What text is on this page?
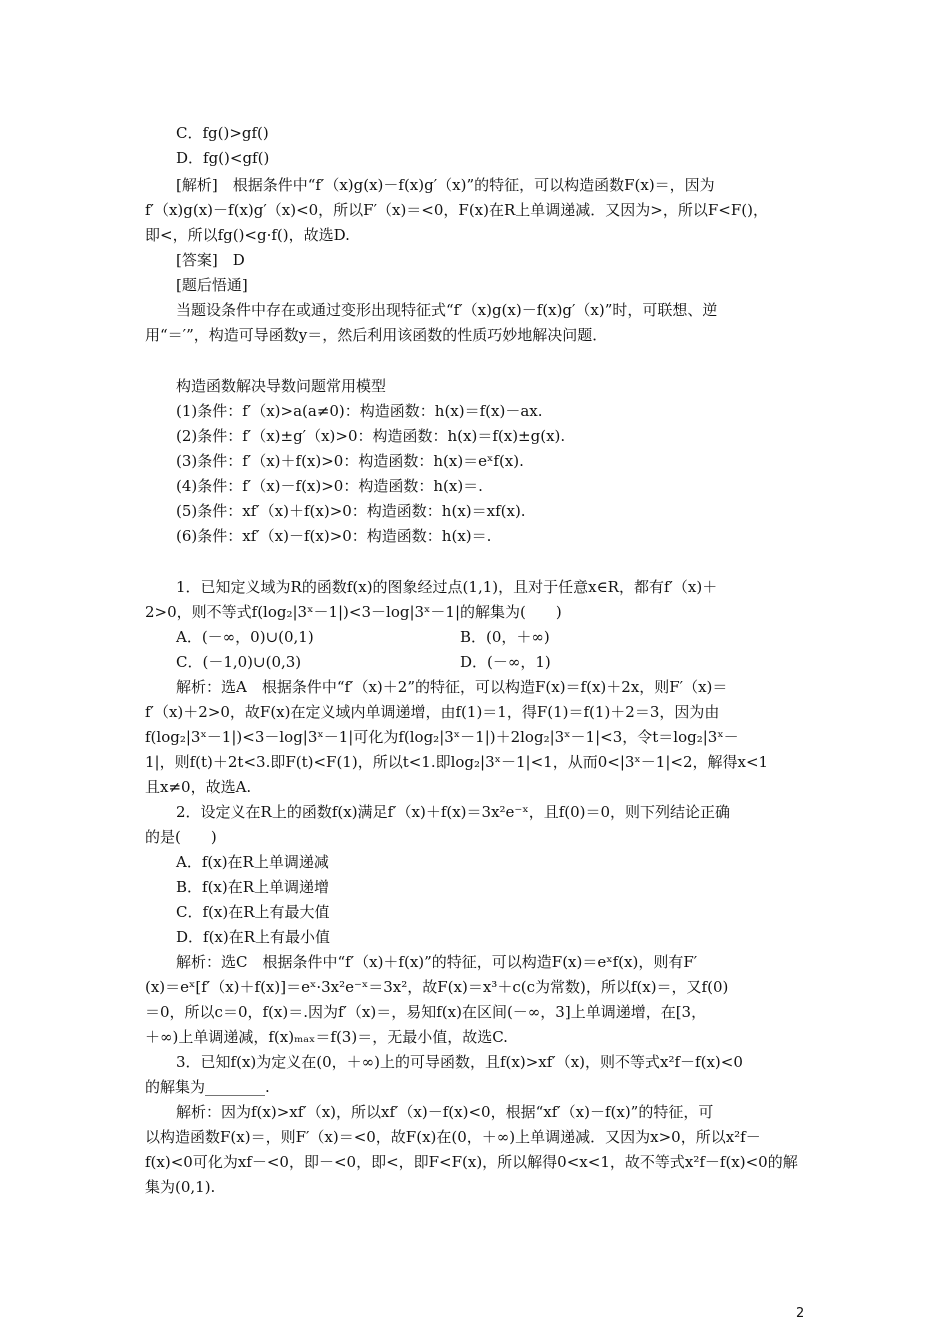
C．fg()>gf()
D．fg()<gf()
[解析]　根据条件中“f′（x)g(x)－f(x)g′（x)”的特征，可以构造函数F(x)＝，因为
f′（x)g(x)－f(x)g′（x)<0，所以F′（x)＝<0，F(x)在R上单调递减．又因为>，所以F<F()，
即<，所以fg()<g·f()，故选D.
[答案]　D
[题后悟通]
当题设条件中存在或通过变形出现特征式“f′（x)g(x)－f(x)g′（x)”时，可联想、逆
用“＝′”，构造可导函数y＝，然后利用该函数的性质巧妙地解决问题．
构造函数解决导数问题常用模型
(1)条件：f′（x)>a(a≠0)：构造函数：h(x)＝f(x)－ax.
(2)条件：f′（x)±g′（x)>0：构造函数：h(x)＝f(x)±g(x).
(3)条件：f′（x)＋f(x)>0：构造函数：h(x)＝eˣf(x).
(4)条件：f′（x)－f(x)>0：构造函数：h(x)＝.
(5)条件：xf′（x)＋f(x)>0：构造函数：h(x)＝xf(x).
(6)条件：xf′（x)－f(x)>0：构造函数：h(x)＝.
1．已知定义域为R的函数f(x)的图象经过点(1,1)，且对于任意x∈R，都有f′（x)＋
2>0，则不等式f(log₂|3ˣ－1|)<3－log|3ˣ－1|的解集为(　　)
A．(－∞，0)∪(0,1)	B．(0，＋∞)
C．(－1,0)∪(0,3)	D．(－∞，1)
解析：选A　根据条件中“f′（x)＋2”的特征，可以构造F(x)＝f(x)＋2x，则F′（x)＝
f′（x)＋2>0，故F(x)在定义域内单调递增，由f(1)＝1，得F(1)＝f(1)＋2＝3，因为由
f(log₂|3ˣ－1|)<3－log|3ˣ－1|可化为f(log₂|3ˣ－1|)＋2log₂|3ˣ－1|<3，令t＝log₂|3ˣ－
1|，则f(t)＋2t<3.即F(t)<F(1)，所以t<1.即log₂|3ˣ－1|<1，从而0<|3ˣ－1|<2，解得x<1
且x≠0，故选A.
2．设定义在R上的函数f(x)满足f′（x)＋f(x)＝3x²e⁻ˣ，且f(0)＝0，则下列结论正确
的是(　　)
A．f(x)在R上单调递减
B．f(x)在R上单调递增
C．f(x)在R上有最大值
D．f(x)在R上有最小值
解析：选C　根据条件中“f′（x)＋f(x)”的特征，可以构造F(x)＝eˣf(x)，则有F′
(x)＝eˣ[f′（x)＋f(x)]＝eˣ·3x²e⁻ˣ＝3x²，故F(x)＝x³＋c(c为常数)，所以f(x)＝，又f(0)
＝0，所以c＝0，f(x)＝.因为f′（x)＝，易知f(x)在区间(－∞，3]上单调递增，在[3，
＋∞)上单调递减，f(x)ₘₐₓ＝f(3)＝，无最小值，故选C.
3．已知f(x)为定义在(0，＋∞)上的可导函数，且f(x)>xf′（x)，则不等式x²f－f(x)<0
的解集为________.
解析：因为f(x)>xf′（x)，所以xf′（x)－f(x)<0，根据“xf′（x)－f(x)”的特征，可
以构造函数F(x)＝，则F′（x)＝<0，故F(x)在(0，＋∞)上单调递减．又因为x>0，所以x²f－
f(x)<0可化为xf－<0，即－<0，即<，即F<F(x)，所以解得0<x<1，故不等式x²f－f(x)<0的解
集为(0,1).
2
